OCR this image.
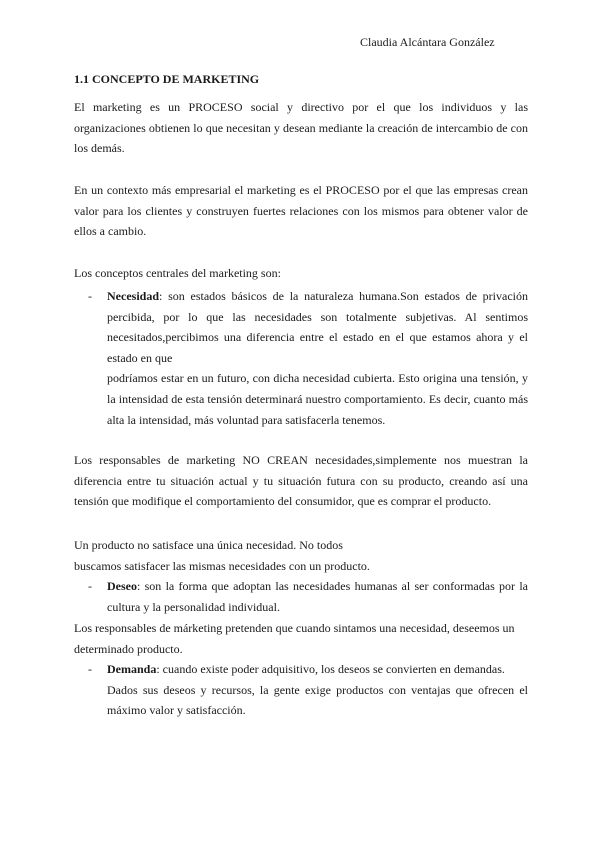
Claudia Alcántara González
1.1 CONCEPTO DE MARKETING
El marketing es un PROCESO social y directivo por el que los individuos y las organizaciones obtienen lo que necesitan y desean mediante la creación de intercambio de con los demás.
En un contexto más empresarial el marketing es el PROCESO por el que las empresas crean valor para los clientes y construyen fuertes relaciones con los mismos para obtener valor de ellos a cambio.
Los conceptos centrales del marketing son:
- Necesidad: son estados básicos de la naturaleza humana.Son estados de privación percibida, por lo que las necesidades son totalmente subjetivas. Al sentimos necesitados,percibimos una diferencia entre el estado en el que estamos ahora y el estado en que

podríamos estar en un futuro, con dicha necesidad cubierta. Esto origina una tensión, y la intensidad de esta tensión determinará nuestro comportamiento. Es decir, cuanto más alta la intensidad, más voluntad para satisfacerla tenemos.

Los responsables de marketing NO CREAN necesidades,simplemente nos muestran la diferencia entre tu situación actual y tu situación futura con su producto, creando así una tensión que modifique el comportamiento del consumidor, que es comprar el producto.
Un producto no satisface una única necesidad. No todos
buscamos satisfacer las mismas necesidades con un producto.
- Deseo: son la forma que adoptan las necesidades humanas al ser conformadas por la cultura y la personalidad individual.

Los responsables de márketing pretenden que cuando sintamos una necesidad, deseemos un determinado producto.
- Demanda: cuando existe poder adquisitivo, los deseos se convierten en demandas.

Dados sus deseos y recursos, la gente exige productos con ventajas que ofrecen el máximo valor y satisfacción.
